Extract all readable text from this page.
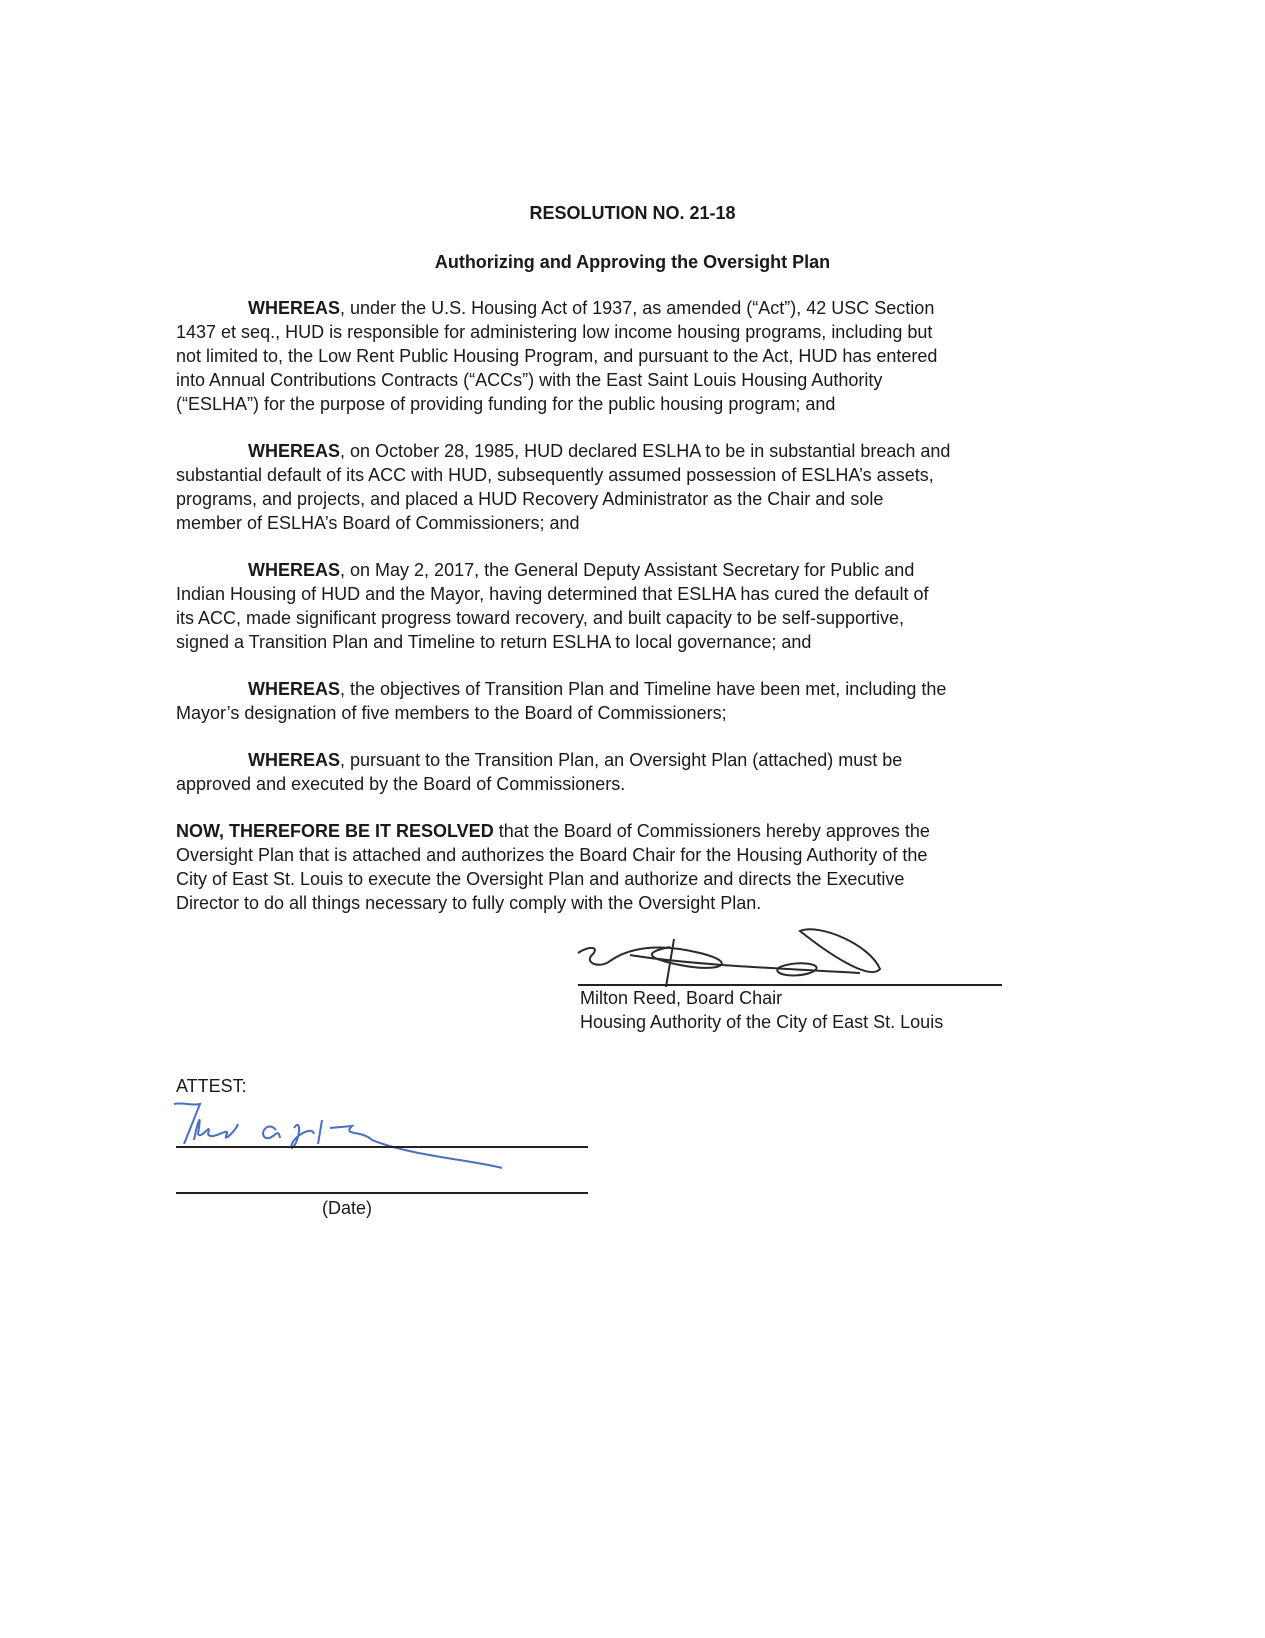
RESOLUTION NO. 21-18
Authorizing and Approving the Oversight Plan
WHEREAS, under the U.S. Housing Act of 1937, as amended (“Act”), 42 USC Section
1437 et seq., HUD is responsible for administering low income housing programs, including but
not limited to, the Low Rent Public Housing Program, and pursuant to the Act, HUD has entered
into Annual Contributions Contracts (“ACCs”) with the East Saint Louis Housing Authority
(“ESLHA”) for the purpose of providing funding for the public housing program; and
WHEREAS, on October 28, 1985, HUD declared ESLHA to be in substantial breach and
substantial default of its ACC with HUD, subsequently assumed possession of ESLHA’s assets,
programs, and projects, and placed a HUD Recovery Administrator as the Chair and sole
member of ESLHA’s Board of Commissioners; and
WHEREAS, on May 2, 2017, the General Deputy Assistant Secretary for Public and
Indian Housing of HUD and the Mayor, having determined that ESLHA has cured the default of
its ACC, made significant progress toward recovery, and built capacity to be self-supportive,
signed a Transition Plan and Timeline to return ESLHA to local governance; and
WHEREAS, the objectives of Transition Plan and Timeline have been met, including the
Mayor’s designation of five members to the Board of Commissioners;
WHEREAS, pursuant to the Transition Plan, an Oversight Plan (attached) must be
approved and executed by the Board of Commissioners.
NOW, THEREFORE BE IT RESOLVED that the Board of Commissioners hereby approves the
Oversight Plan that is attached and authorizes the Board Chair for the Housing Authority of the
City of East St. Louis to execute the Oversight Plan and authorize and directs the Executive
Director to do all things necessary to fully comply with the Oversight Plan.
Milton Reed, Board Chair
Housing Authority of the City of East St. Louis
ATTEST:
(Date)
